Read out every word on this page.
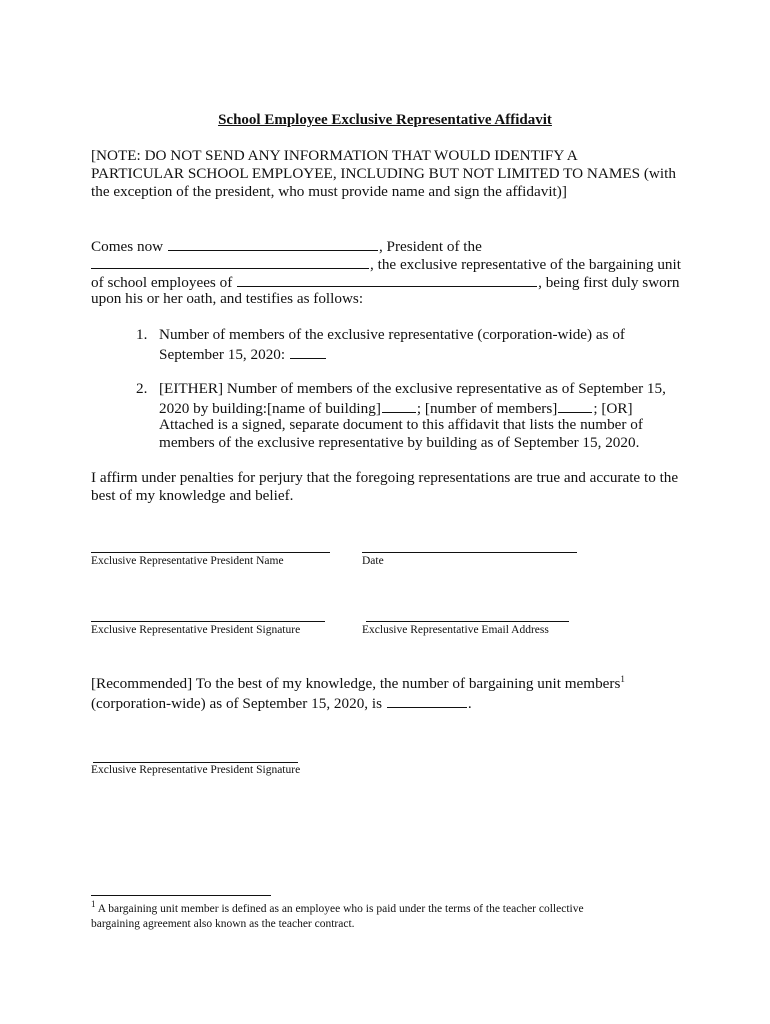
School Employee Exclusive Representative Affidavit
[NOTE: DO NOT SEND ANY INFORMATION THAT WOULD IDENTIFY A
PARTICULAR SCHOOL EMPLOYEE, INCLUDING BUT NOT LIMITED TO NAMES (with
the exception of the president, who must provide name and sign the affidavit)]
Comes now	, President of the
, the exclusive representative of the bargaining unit
of school employees of	, being first duly sworn
upon his or her oath, and testifies as follows:
1. Number of members of the exclusive representative (corporation-wide) as of
September 15, 2020:
2. [EITHER] Number of members of the exclusive representative as of September 15,
2020 by building:[name of building] ; [number of members] ; [OR]
Attached is a signed, separate document to this affidavit that lists the number of
members of the exclusive representative by building as of September 15, 2020.
I affirm under penalties for perjury that the foregoing representations are true and accurate to the
best of my knowledge and belief.
Exclusive Representative President Name	Date
Exclusive Representative President Signature	Exclusive Representative Email Address
[Recommended] To the best of my knowledge, the number of bargaining unit members$^1$
(corporation-wide) as of September 15, 2020, is	.
Exclusive Representative President Signature
$^1$ A bargaining unit member is defined as an employee who is paid under the terms of the teacher collective
bargaining agreement also known as the teacher contract.
